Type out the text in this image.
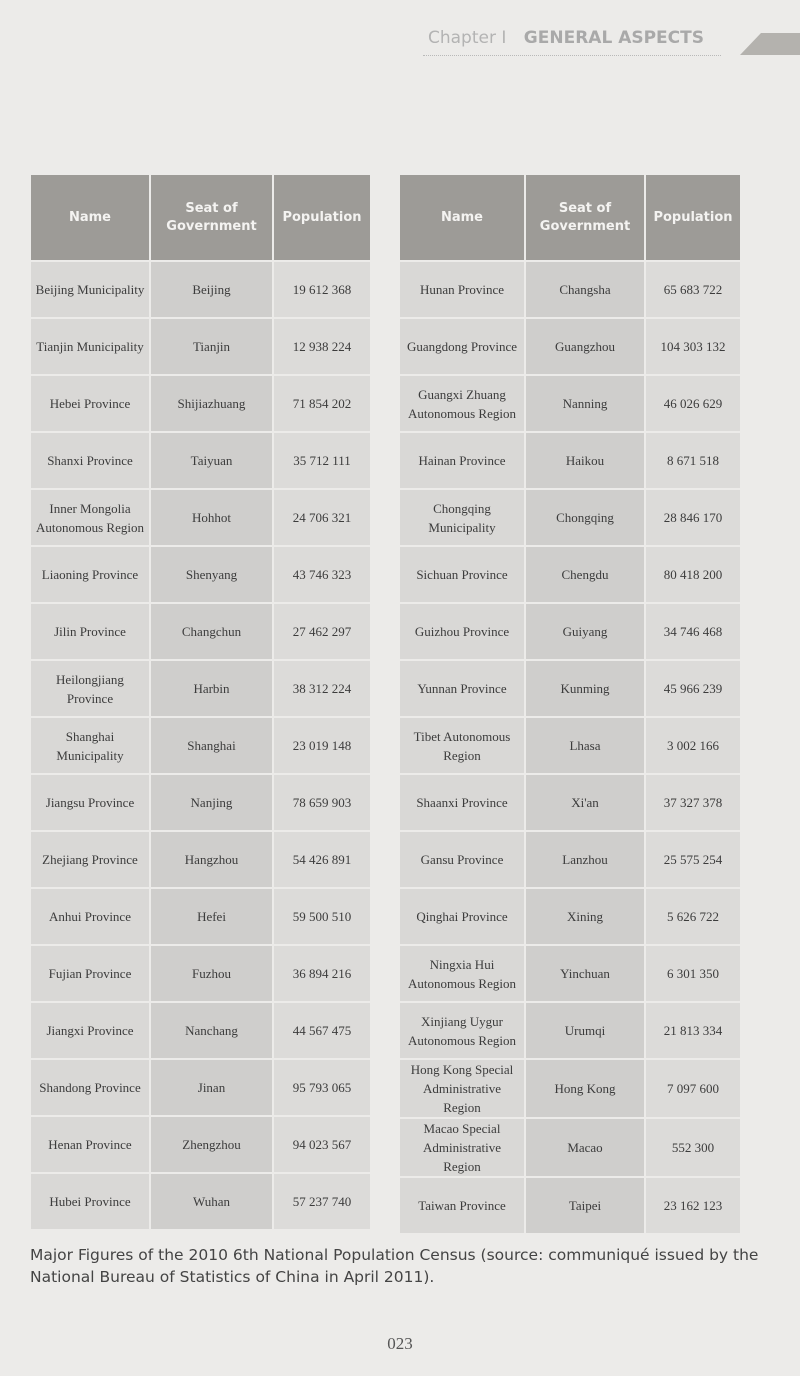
Chapter I GENERAL ASPECTS
Name	Seat of Government	Population
Beijing Municipality	Beijing	19 612 368
Tianjin Municipality	Tianjin	12 938 224
Hebei Province	Shijiazhuang	71 854 202
Shanxi Province	Taiyuan	35 712 111
Inner Mongolia Autonomous Region	Hohhot	24 706 321
Liaoning Province	Shenyang	43 746 323
Jilin Province	Changchun	27 462 297
Heilongjiang Province	Harbin	38 312 224
Shanghai Municipality	Shanghai	23 019 148
Jiangsu Province	Nanjing	78 659 903
Zhejiang Province	Hangzhou	54 426 891
Anhui Province	Hefei	59 500 510
Fujian Province	Fuzhou	36 894 216
Jiangxi Province	Nanchang	44 567 475
Shandong Province	Jinan	95 793 065
Henan Province	Zhengzhou	94 023 567
Hubei Province	Wuhan	57 237 740
Name	Seat of Government	Population
Hunan Province	Changsha	65 683 722
Guangdong Province	Guangzhou	104 303 132
Guangxi Zhuang Autonomous Region	Nanning	46 026 629
Hainan Province	Haikou	8 671 518
Chongqing Municipality	Chongqing	28 846 170
Sichuan Province	Chengdu	80 418 200
Guizhou Province	Guiyang	34 746 468
Yunnan Province	Kunming	45 966 239
Tibet Autonomous Region	Lhasa	3 002 166
Shaanxi Province	Xi'an	37 327 378
Gansu Province	Lanzhou	25 575 254
Qinghai Province	Xining	5 626 722
Ningxia Hui Autonomous Region	Yinchuan	6 301 350
Xinjiang Uygur Autonomous Region	Urumqi	21 813 334
Hong Kong Special Administrative Region	Hong Kong	7 097 600
Macao Special Administrative Region	Macao	552 300
Taiwan Province	Taipei	23 162 123
Major Figures of the 2010 6th National Population Census (source: communiqué issued by the National Bureau of Statistics of China in April 2011).
023
